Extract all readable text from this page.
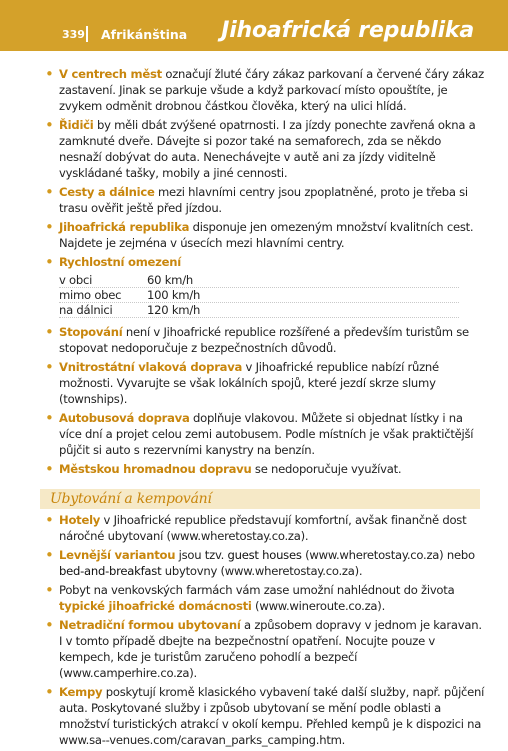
339 Afrikánština Jihoafrická republika
• V centrech měst označují žluté čáry zákaz parkovaní a červené čáry zákaz zastavení. Jinak se parkuje všude a když parkovací místo opouštíte, je zvykem odměnit drobnou částkou člověka, který na ulici hlídá.
• Řidiči by měli dbát zvýšené opatrnosti. I za jízdy ponechte zavřená okna a zamknuté dveře. Dávejte si pozor také na semaforech, zda se někdo nesnaží dobývat do auta. Nenechávejte v autě ani za jízdy viditelně vyskládané tašky, mobily a jiné cennosti.
• Cesty a dálnice mezi hlavními centry jsou zpoplatněné, proto je třeba si trasu ověřit ještě před jízdou.
• Jihoafrická republika disponuje jen omezeným množství kvalitních cest. Najdete je zejména v úsecích mezi hlavními centry.
• Rychlostní omezení
v obci	60 km/h
mimo obec	100 km/h
na dálnici	120 km/h
• Stopování není v Jihoafrické republice rozšířené a především turistům se stopovat nedoporučuje z bezpečnostních důvodů.
• Vnitrostátní vlaková doprava v Jihoafrické republice nabízí různé možnosti. Vyvarujte se však lokálních spojů, které jezdí skrze slumy (townships).
• Autobusová doprava doplňuje vlakovou. Můžete si objednat lístky i na více dní a projet celou zemi autobusem. Podle místních je však praktičtější půjčit si auto s rezervními kanystry na benzín.
• Městskou hromadnou dopravu se nedoporučuje využívat.
Ubytování a kempování
• Hotely v Jihoafrické republice představují komfortní, avšak finančně dost náročné ubytovaní (www.wheretostay.co.za).
• Levnější variantou jsou tzv. guest houses (www.wheretostay.co.za) nebo bed-and-breakfast ubytovny (www.wheretostay.co.za).
• Pobyt na venkovských farmách vám zase umožní nahlédnout do života typické jihoafrické domácnosti (www.wineroute.co.za).
• Netradiční formou ubytovaní a způsobem dopravy v jednom je karavan. I v tomto případě dbejte na bezpečnostní opatření. Nocujte pouze v kempech, kde je turistům zaručeno pohodlí a bezpečí (www.camperhire.co.za).
• Kempy poskytují kromě klasického vybavení také další služby, např. půjčení auta. Poskytované služby i způsob ubytovaní se mění podle oblasti a množství turistických atrakcí v okolí kempu. Přehled kempů je k dispozici na www.sa--venues.com/caravan_parks_camping.htm.
